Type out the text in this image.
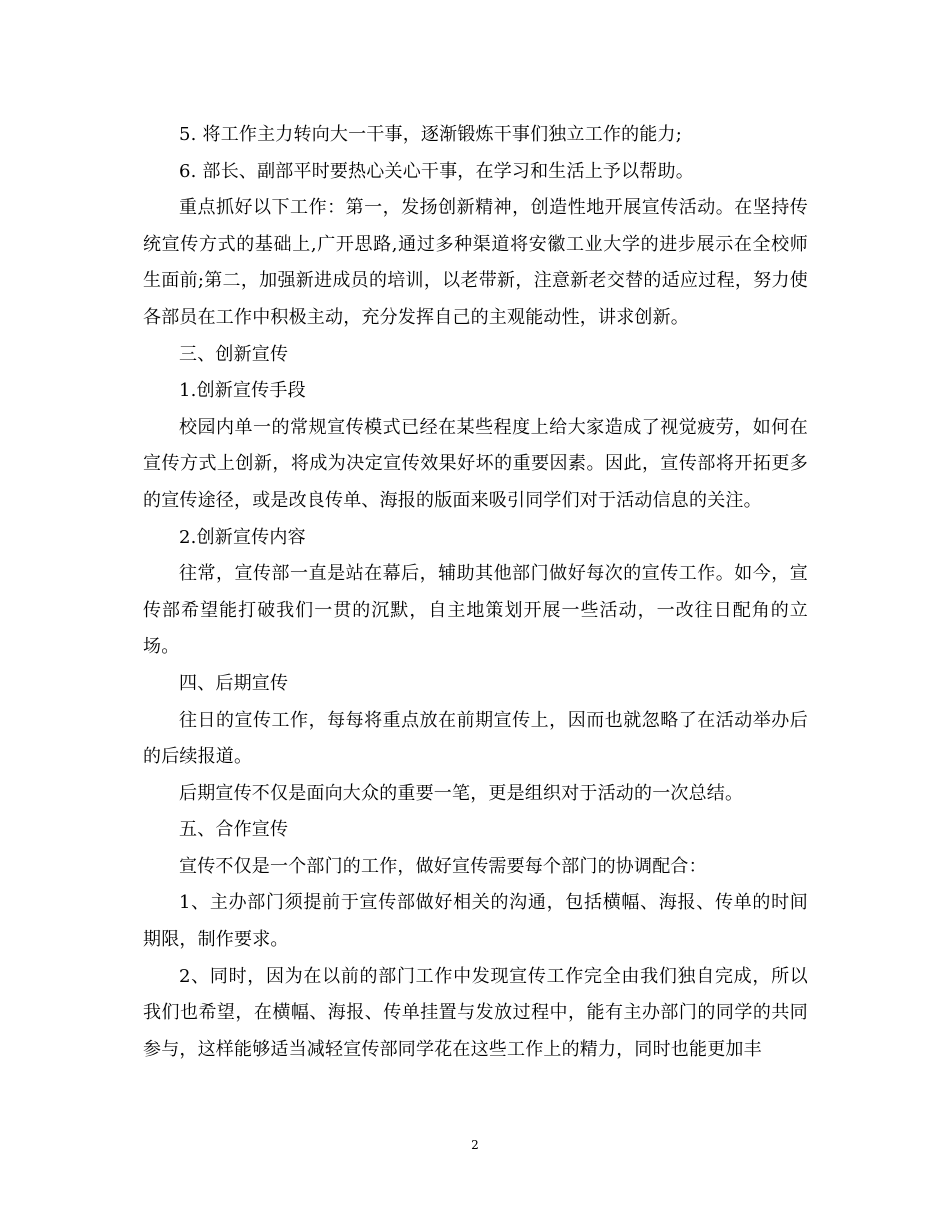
5. 将工作主力转向大一干事，逐渐锻炼干事们独立工作的能力;

6. 部长、副部平时要热心关心干事，在学习和生活上予以帮助。

重点抓好以下工作：第一，发扬创新精神，创造性地开展宣传活动。在坚持传统宣传方式的基础上,广开思路,通过多种渠道将安徽工业大学的进步展示在全校师生面前;第二，加强新进成员的培训，以老带新，注意新老交替的适应过程，努力使各部员在工作中积极主动，充分发挥自己的主观能动性，讲求创新。

三、创新宣传

1.创新宣传手段

校园内单一的常规宣传模式已经在某些程度上给大家造成了视觉疲劳，如何在宣传方式上创新，将成为决定宣传效果好坏的重要因素。因此，宣传部将开拓更多的宣传途径，或是改良传单、海报的版面来吸引同学们对于活动信息的关注。

2.创新宣传内容

往常，宣传部一直是站在幕后，辅助其他部门做好每次的宣传工作。如今，宣传部希望能打破我们一贯的沉默，自主地策划开展一些活动，一改往日配角的立场。

四、后期宣传

往日的宣传工作，每每将重点放在前期宣传上，因而也就忽略了在活动举办后的后续报道。

后期宣传不仅是面向大众的重要一笔，更是组织对于活动的一次总结。

五、合作宣传

宣传不仅是一个部门的工作，做好宣传需要每个部门的协调配合：

1、主办部门须提前于宣传部做好相关的沟通，包括横幅、海报、传单的时间期限，制作要求。

2、同时，因为在以前的部门工作中发现宣传工作完全由我们独自完成，所以我们也希望，在横幅、海报、传单挂置与发放过程中，能有主办部门的同学的共同参与，这样能够适当减轻宣传部同学花在这些工作上的精力，同时也能更加丰

2
